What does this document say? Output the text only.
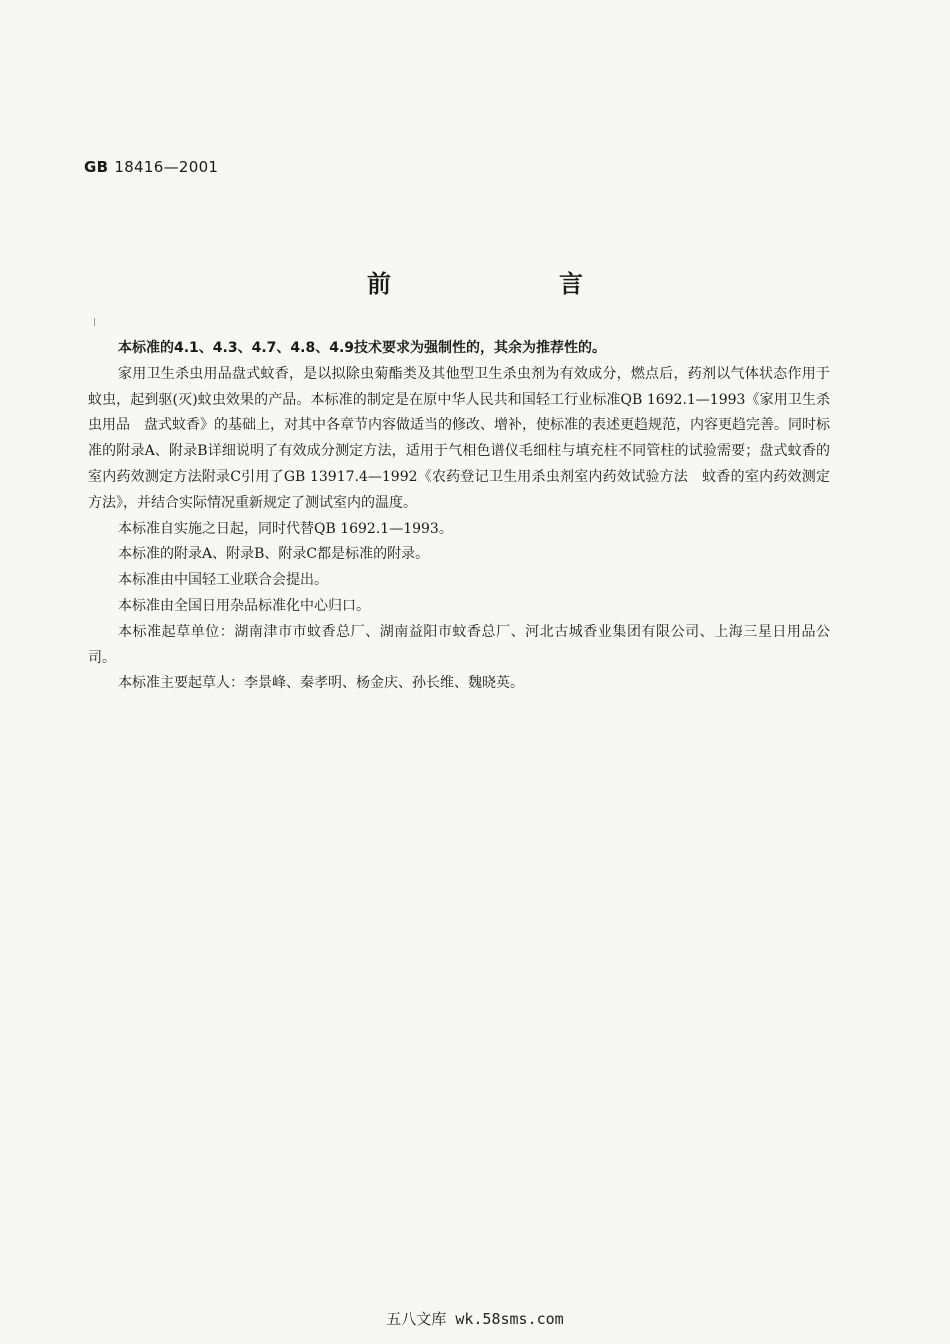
GB 18416—2001
前　言

本标准的4.1、4.3、4.7、4.8、4.9技术要求为强制性的，其余为推荐性的。

家用卫生杀虫用品盘式蚊香，是以拟除虫菊酯类及其他型卫生杀虫剂为有效成分，燃点后，药剂以气体状态作用于蚊虫，起到驱(灭)蚊虫效果的产品。本标准的制定是在原中华人民共和国轻工行业标准QB 1692.1—1993《家用卫生杀虫用品　盘式蚊香》的基础上，对其中各章节内容做适当的修改、增补，使标准的表述更趋规范，内容更趋完善。同时标准的附录A、附录B详细说明了有效成分测定方法，适用于气相色谱仪毛细柱与填充柱不同管柱的试验需要；盘式蚊香的室内药效测定方法附录C引用了GB 13917.4—1992《农药登记卫生用杀虫剂室内药效试验方法　蚊香的室内药效测定方法》，并结合实际情况重新规定了测试室内的温度。

本标准自实施之日起，同时代替QB 1692.1—1993。

本标准的附录A、附录B、附录C都是标准的附录。

本标准由中国轻工业联合会提出。

本标准由全国日用杂品标准化中心归口。

本标准起草单位：湖南津市市蚊香总厂、湖南益阳市蚊香总厂、河北古城香业集团有限公司、上海三星日用品公司。

本标准主要起草人：李景峰、秦孝明、杨金庆、孙长维、魏晓英。

五八文库 wk.58sms.com
